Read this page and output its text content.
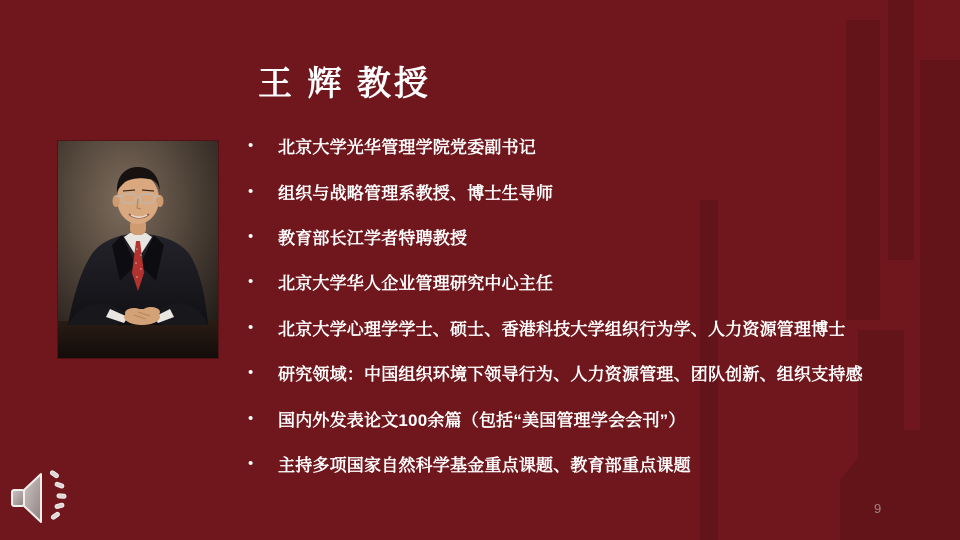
王 辉 教授
• 北京大学光华管理学院党委副书记
• 组织与战略管理系教授、博士生导师
• 教育部长江学者特聘教授
• 北京大学华人企业管理研究中心主任
• 北京大学心理学学士、硕士、香港科技大学组织行为学、人力资源管理博士
• 研究领域：中国组织环境下领导行为、人力资源管理、团队创新、组织支持感
• 国内外发表论文100余篇（包括“美国管理学会会刊”）
• 主持多项国家自然科学基金重点课题、教育部重点课题
9
